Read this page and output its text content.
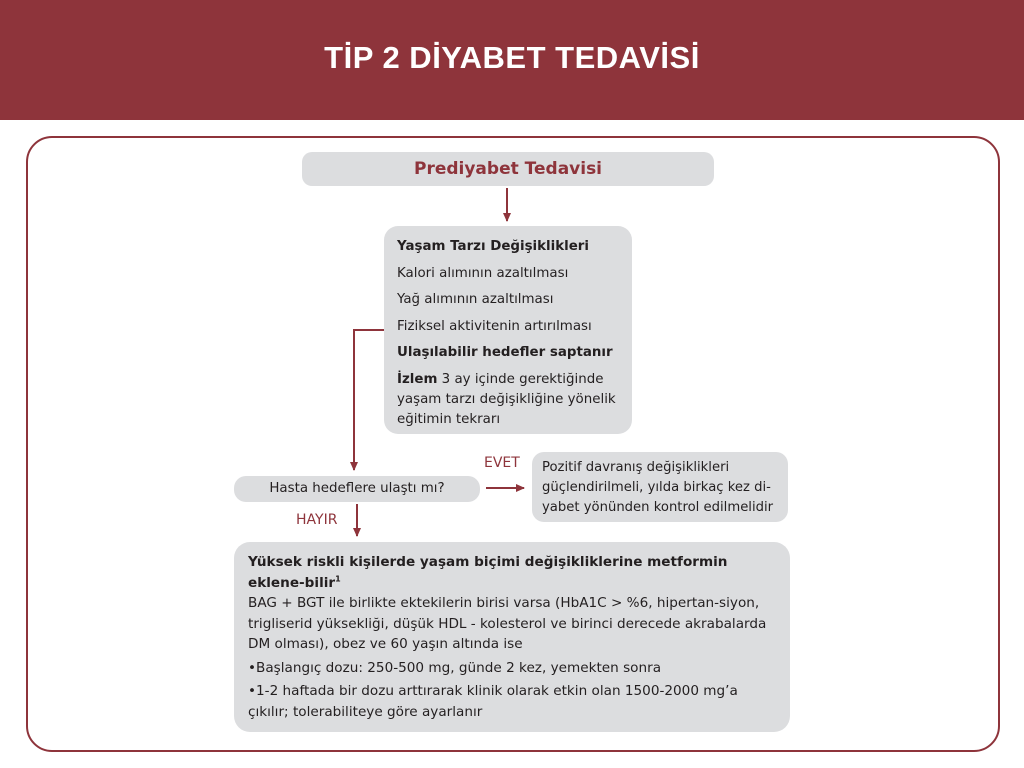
TİP 2 DİYABET TEDAVİSİ
Prediyabet Tedavisi
Yaşam Tarzı Değişiklikleri
Kalori alımının azaltılması
Yağ alımının azaltılması
Fiziksel aktivitenin artırılması
Ulaşılabilir hedefler saptanır
İzlem 3 ay içinde gerektiğinde yaşam tarzı değişikliğine yönelik eğitimin tekrarı
Hasta hedeflere ulaştı mı?
EVET
HAYIR
Pozitif davranış değişiklikleri güçlendirilmeli, yılda birkaç kez di-yabet yönünden kontrol edilmelidir
Yüksek riskli kişilerde yaşam biçimi değişikliklerine metformin eklene-bilir$^1$
BAG + BGT ile birlikte ektekilerin birisi varsa (HbA1C > %6, hipertan-siyon, trigliserid yüksekliği, düşük HDL - kolesterol ve birinci derecede akrabalarda DM olması), obez ve 60 yaşın altında ise
•Başlangıç dozu: 250-500 mg, günde 2 kez, yemekten sonra
•1-2 haftada bir dozu arttırarak klinik olarak etkin olan 1500-2000 mg’a çıkılır; tolerabiliteye göre ayarlanır
